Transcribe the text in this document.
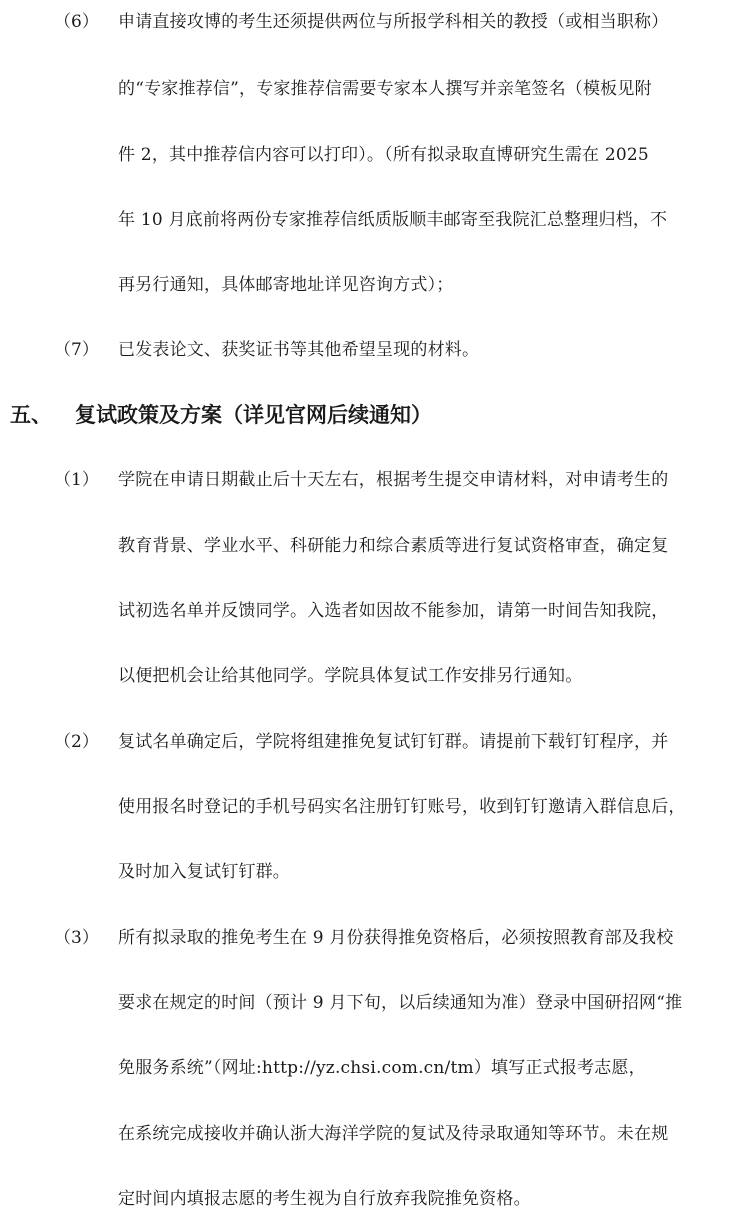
（6） 申请直接攻博的考生还须提供两位与所报学科相关的教授（或相当职称）
的“专家推荐信”，专家推荐信需要专家本人撰写并亲笔签名（模板见附
件 2，其中推荐信内容可以打印）。（所有拟录取直博研究生需在 2025
年 10 月底前将两份专家推荐信纸质版顺丰邮寄至我院汇总整理归档，不
再另行通知，具体邮寄地址详见咨询方式）；
（7） 已发表论文、获奖证书等其他希望呈现的材料。
五、 复试政策及方案（详见官网后续通知）
（1） 学院在申请日期截止后十天左右，根据考生提交申请材料，对申请考生的
教育背景、学业水平、科研能力和综合素质等进行复试资格审查，确定复
试初选名单并反馈同学。入选者如因故不能参加，请第一时间告知我院，
以便把机会让给其他同学。学院具体复试工作安排另行通知。
（2） 复试名单确定后，学院将组建推免复试钉钉群。请提前下载钉钉程序，并
使用报名时登记的手机号码实名注册钉钉账号，收到钉钉邀请入群信息后，
及时加入复试钉钉群。
（3） 所有拟录取的推免考生在 9 月份获得推免资格后，必须按照教育部及我校
要求在规定的时间（预计 9 月下旬，以后续通知为准）登录中国研招网“推
免服务系统”（网址:http://yz.chsi.com.cn/tm）填写正式报考志愿，
在系统完成接收并确认浙大海洋学院的复试及待录取通知等环节。未在规
定时间内填报志愿的考生视为自行放弃我院推免资格。
